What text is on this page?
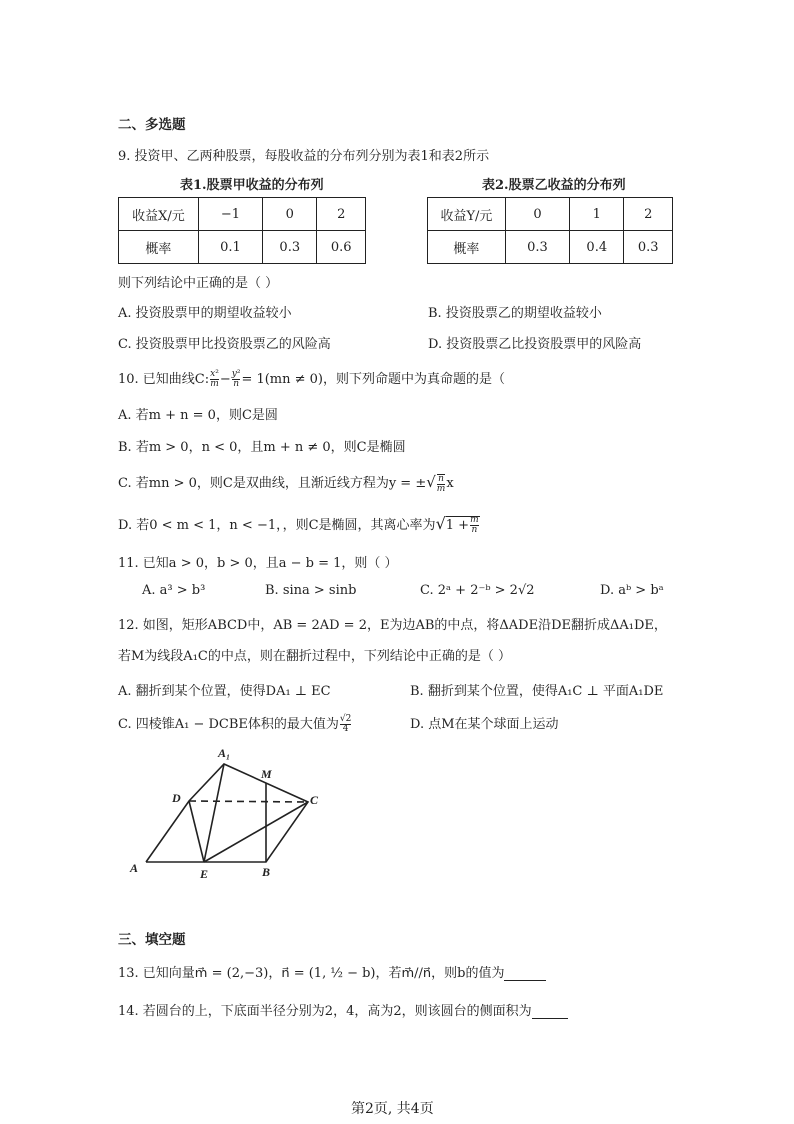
二、多选题
9. 投资甲、乙两种股票，每股收益的分布列分别为表1和表2所示
表1.股票甲收益的分布列
收益X/元	−1	0	2
概率	0.1	0.3	0.6
表2.股票乙收益的分布列
收益Y/元	0	1	2
概率	0.3	0.4	0.3
则下列结论中正确的是（ ）
A. 投资股票甲的期望收益较小	B. 投资股票乙的期望收益较小
C. 投资股票甲比投资股票乙的风险高	D. 投资股票乙比投资股票甲的风险高
10. 已知曲线C: $\frac{\text{x²}}{m} - \frac{\text{y²}}{n} = 1(mn \ne 0)$，则下列命题中为真命题的是（
A. 若m + n = 0，则C是圆
B. 若m > 0，n < 0，且m + n ≠ 0，则C是椭圆
C. 若mn > 0，则C是双曲线，且渐近线方程为y = ±√ $\frac{n}{m}$ x
D. 若0 < m < 1，n < −1，，则C是椭圆，其离心率为$√1 + \frac{m}{n}$
11. 已知a > 0，b > 0，且a − b = 1，则（ ）
A. a³ > b³	B. sina > sinb	C. 2ᵃ + 2⁻ᵇ > 2√2	D. aᵇ > bᵃ
12. 如图，矩形ABCD中，AB = 2AD = 2，E为边AB的中点，将ΔADE沿DE翻折成ΔA₁DE，
若M为线段A₁C的中点，则在翻折过程中，下列结论中正确的是（ ）
A. 翻折到某个位置，使得DA₁ ⊥ EC	B. 翻折到某个位置，使得A₁C ⊥ 平面A₁DE
C. 四棱锥A₁ − DCBE体积的最大值为 $\frac{√2}{4}$	D. 点M在某个球面上运动
A₁
M
D	C
A	E	B
三、填空题
13. 已知向量m⃗ = (2,−3)，n⃗ = (1, ½ − b)，若m⃗//n⃗，则b的值为
14. 若圆台的上，下底面半径分别为2，4，高为2，则该圆台的侧面积为
第2页, 共4页
